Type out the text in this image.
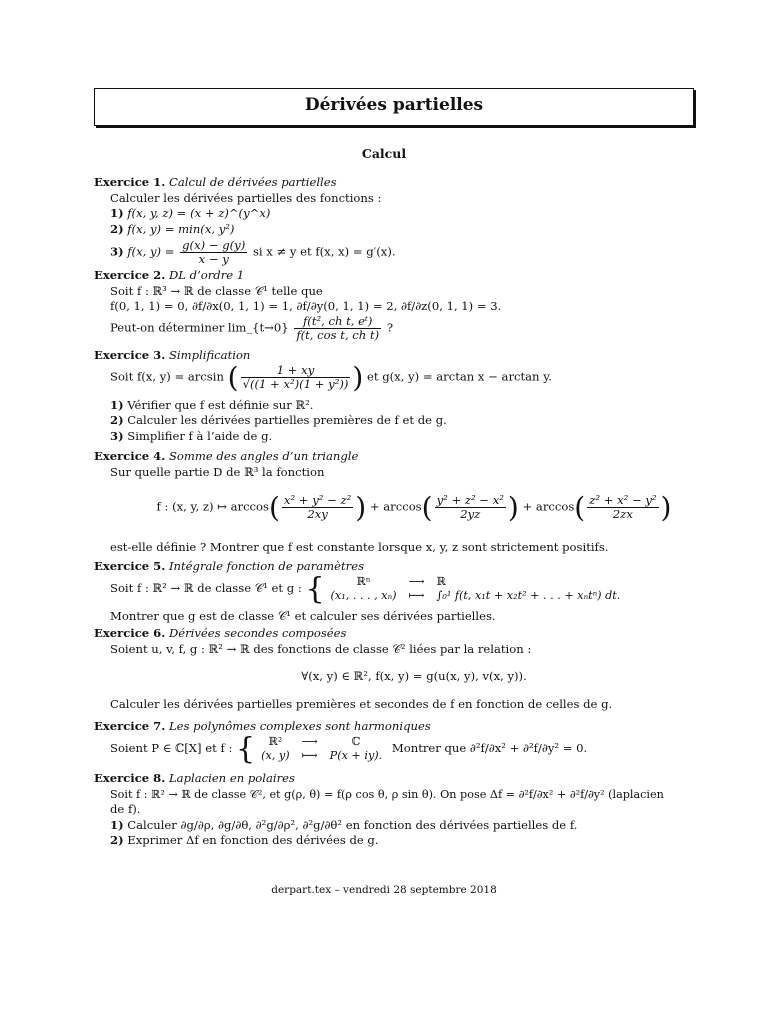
Dérivées partielles
Calcul
Exercice 1. Calcul de dérivées partielles
Calculer les dérivées partielles des fonctions :
1) f(x, y, z) = (x + z)^(y^x)
2) f(x, y) = min(x, y²)
3) f(x, $y) = \frac{g(x) - g(y)}{x - y}$ si x ≠ y et f(x, x) = g′(x).
Exercice 2. DL d’ordre 1
Soit f : ℝ³ → ℝ de classe 𝒞¹ telle que
f(0, 1, 1) = 0, ∂f/∂x(0, 1, 1) = 1, ∂f/∂y(0, 1, 1) = 2, ∂f/∂z(0, 1, 1) = 3.
Peut-on déterminer lim_{t→0} $\frac{\text{f(t², ch t, eᵗ)}}{\text{f(t, cos t, ch t)}}$ ?
Exercice 3. Simplification
Soit f(x, y) = arcsin ( $\frac{1 + xy}{\text{√((1 + x²)(1 + y²))}}$ ) et g(x, y) = arctan x − arctan y.
1) Vérifier que f est définie sur ℝ².
2) Calculer les dérivées partielles premières de f et de g.
3) Simplifier f à l’aide de g.
Exercice 4. Somme des angles d’un triangle
Sur quelle partie D de ℝ³ la fonction
f : (x, y, z) ↦ $\arccos( \frac{\text{x² + y² − z²}}{2xy}$ ) + $\arccos( \frac{\text{y² + z² − x²}}{2yz}$ ) + $\arccos( \frac{\text{z² + x² − y²}}{2zx}$ )
est-elle définie ? Montrer que f est constante lorsque x, y, z sont strictement positifs.
Exercice 5. Intégrale fonction de paramètres
Soit f : ℝ² → ℝ de classe 𝒞¹ et g : {	ℝⁿ	⟶	ℝ
(x₁, . . . , xₙ)	⟼	∫₀¹ f(t, x₁t + x₂t² + . . . + xₙtⁿ) dt.
Montrer que g est de classe 𝒞¹ et calculer ses dérivées partielles.
Exercice 6. Dérivées secondes composées
Soient u, v, f, g : ℝ² → ℝ des fonctions de classe 𝒞² liées par la relation :
∀(x, y) ∈ ℝ², f(x, y) = g(u(x, y), v(x, y)).
Calculer les dérivées partielles premières et secondes de f en fonction de celles de g.
Exercice 7. Les polynômes complexes sont harmoniques
Soient P ∈ ℂ[X] et f : { ℝ²	⟶	ℂ
(x, y)	⟼	P(x + iy). Montrer que ∂²f/∂x² + ∂²f/∂y² = 0.
Exercice 8. Laplacien en polaires
Soit f : ℝ² → ℝ de classe 𝒞², et g(ρ, θ) = f(ρ cos θ, ρ sin θ). On pose Δf = ∂²f/∂x² + ∂²f/∂y² (laplacien
de f).
1) Calculer ∂g/∂ρ, ∂g/∂θ, ∂²g/∂ρ², ∂²g/∂θ² en fonction des dérivées partielles de f.
2) Exprimer Δf en fonction des dérivées de g.
derpart.tex – vendredi 28 septembre 2018
